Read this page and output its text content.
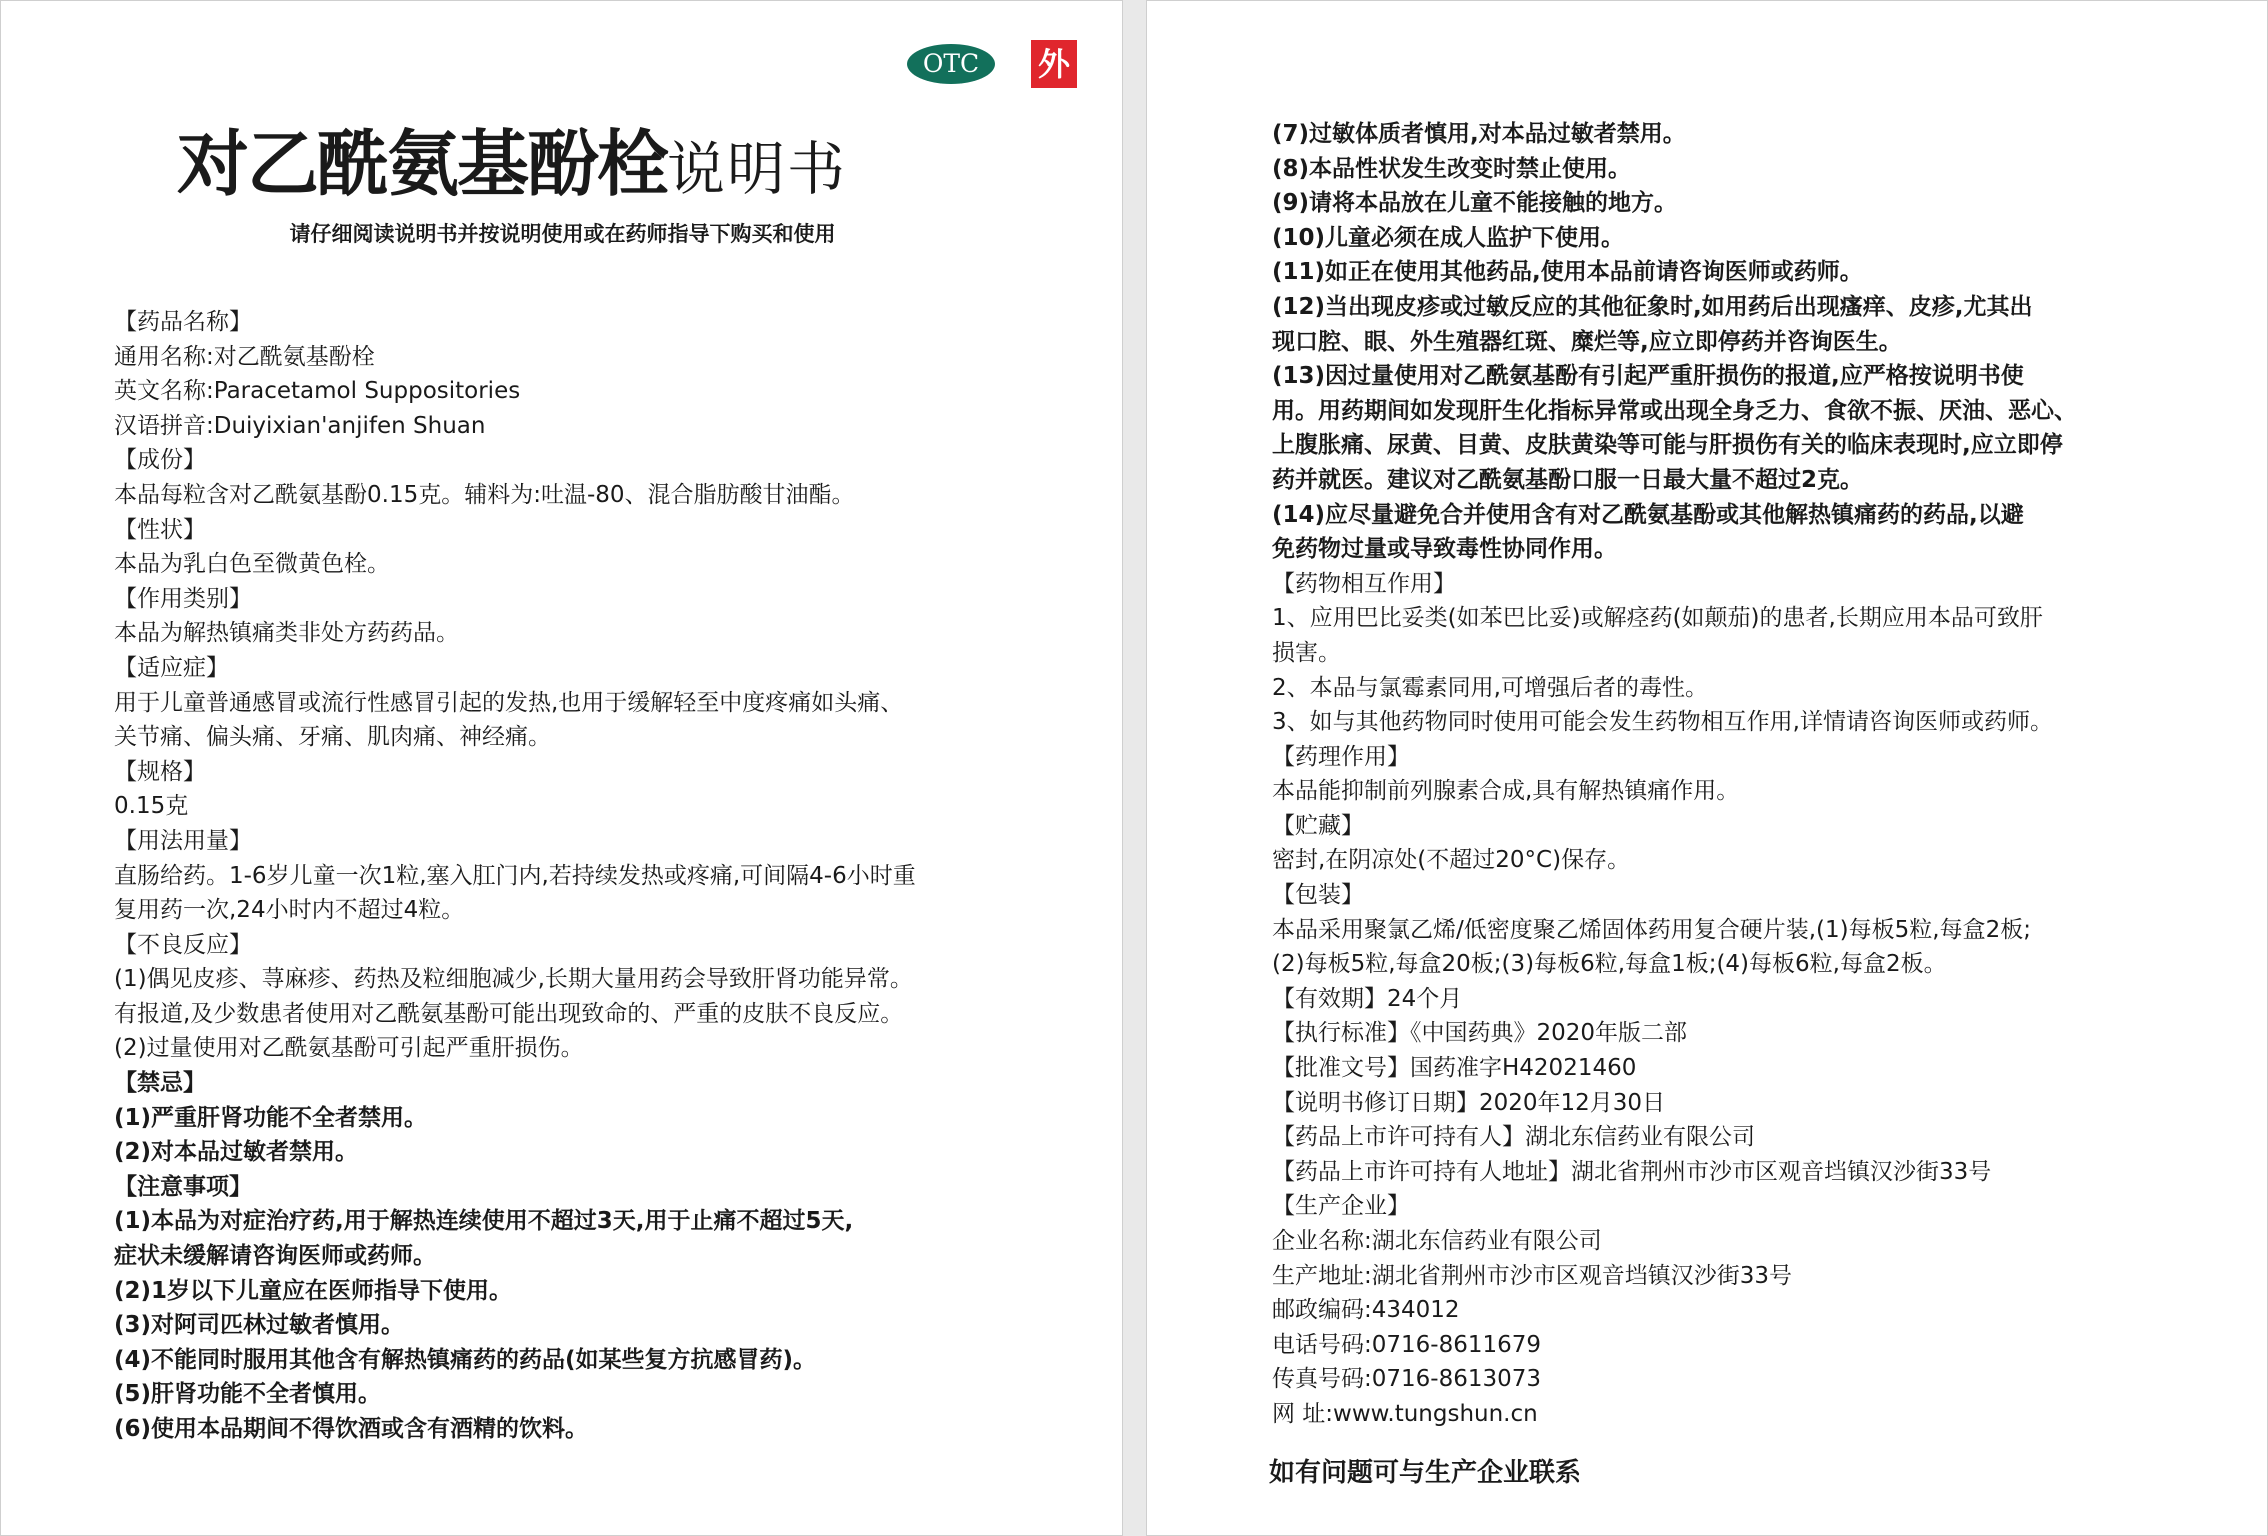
OTC	外
对乙酰氨基酚栓说明书
请仔细阅读说明书并按说明使用或在药师指导下购买和使用
【药品名称】
通用名称:对乙酰氨基酚栓
英文名称:Paracetamol Suppositories
汉语拼音:Duiyixian'anjifen Shuan
【成份】
本品每粒含对乙酰氨基酚0.15克。辅料为:吐温-80、混合脂肪酸甘油酯。
【性状】
本品为乳白色至微黄色栓。
【作用类别】
本品为解热镇痛类非处方药药品。
【适应症】
用于儿童普通感冒或流行性感冒引起的发热,也用于缓解轻至中度疼痛如头痛、
关节痛、偏头痛、牙痛、肌肉痛、神经痛。
【规格】
0.15克
【用法用量】
直肠给药。1-6岁儿童一次1粒,塞入肛门内,若持续发热或疼痛,可间隔4-6小时重
复用药一次,24小时内不超过4粒。
【不良反应】
(1)偶见皮疹、荨麻疹、药热及粒细胞减少,长期大量用药会导致肝肾功能异常。
有报道,及少数患者使用对乙酰氨基酚可能出现致命的、严重的皮肤不良反应。
(2)过量使用对乙酰氨基酚可引起严重肝损伤。
【禁忌】
(1)严重肝肾功能不全者禁用。
(2)对本品过敏者禁用。
【注意事项】
(1)本品为对症治疗药,用于解热连续使用不超过3天,用于止痛不超过5天,
症状未缓解请咨询医师或药师。
(2)1岁以下儿童应在医师指导下使用。
(3)对阿司匹林过敏者慎用。
(4)不能同时服用其他含有解热镇痛药的药品(如某些复方抗感冒药)。
(5)肝肾功能不全者慎用。
(6)使用本品期间不得饮酒或含有酒精的饮料。
(7)过敏体质者慎用,对本品过敏者禁用。
(8)本品性状发生改变时禁止使用。
(9)请将本品放在儿童不能接触的地方。
(10)儿童必须在成人监护下使用。
(11)如正在使用其他药品,使用本品前请咨询医师或药师。
(12)当出现皮疹或过敏反应的其他征象时,如用药后出现瘙痒、皮疹,尤其出
现口腔、眼、外生殖器红斑、糜烂等,应立即停药并咨询医生。
(13)因过量使用对乙酰氨基酚有引起严重肝损伤的报道,应严格按说明书使
用。用药期间如发现肝生化指标异常或出现全身乏力、食欲不振、厌油、恶心、
上腹胀痛、尿黄、目黄、皮肤黄染等可能与肝损伤有关的临床表现时,应立即停
药并就医。建议对乙酰氨基酚口服一日最大量不超过2克。
(14)应尽量避免合并使用含有对乙酰氨基酚或其他解热镇痛药的药品,以避
免药物过量或导致毒性协同作用。
【药物相互作用】
1、应用巴比妥类(如苯巴比妥)或解痉药(如颠茄)的患者,长期应用本品可致肝
损害。
2、本品与氯霉素同用,可增强后者的毒性。
3、如与其他药物同时使用可能会发生药物相互作用,详情请咨询医师或药师。
【药理作用】
本品能抑制前列腺素合成,具有解热镇痛作用。
【贮藏】
密封,在阴凉处(不超过20°C)保存。
【包装】
本品采用聚氯乙烯/低密度聚乙烯固体药用复合硬片装,(1)每板5粒,每盒2板;
(2)每板5粒,每盒20板;(3)每板6粒,每盒1板;(4)每板6粒,每盒2板。
【有效期】24个月
【执行标准】《中国药典》2020年版二部
【批准文号】国药准字H42021460
【说明书修订日期】2020年12月30日
【药品上市许可持有人】湖北东信药业有限公司
【药品上市许可持有人地址】湖北省荆州市沙市区观音垱镇汉沙街33号
【生产企业】
企业名称:湖北东信药业有限公司
生产地址:湖北省荆州市沙市区观音垱镇汉沙街33号
邮政编码:434012
电话号码:0716-8611679
传真号码:0716-8613073
网 址:www.tungshun.cn
如有问题可与生产企业联系
